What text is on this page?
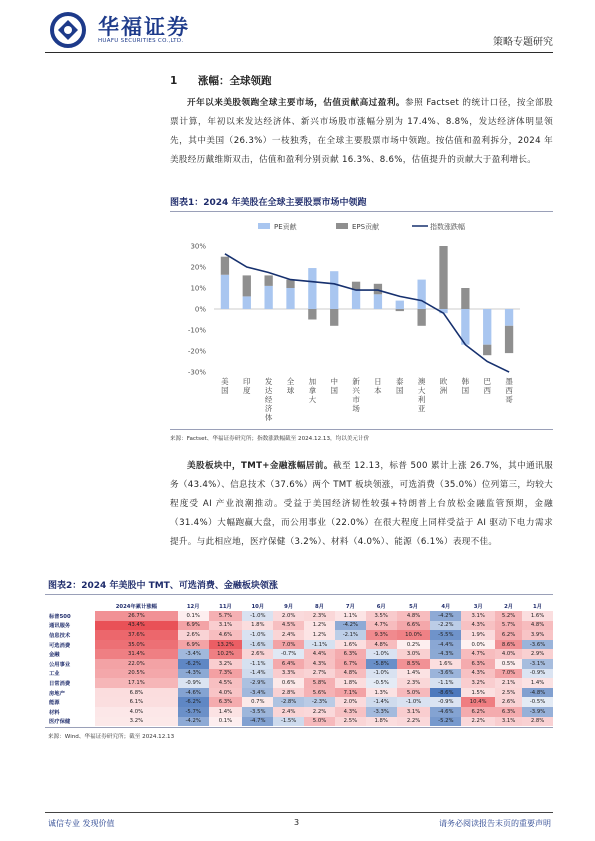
华福证券
HUAFU SECURITIES CO.,LTD.	策略专题研究
1 涨幅：全球领跑
开年以来美股领跑全球主要市场，估值贡献高过盈利。参照 Factset 的统计口径，按全部股票计算，年初以来发达经济体、新兴市场股市涨幅分别为 17.4%、8.8%，发达经济体明显领先，其中美国（26.3%）一枝独秀，在全球主要股票市场中领跑。按估值和盈利拆分，2024 年美股经历戴维斯双击，估值和盈利分别贡献 16.3%、8.6%，估值提升的贡献大于盈利增长。
图表1：2024 年美股在全球主要股票市场中领跑
PE贡献	EPS贡献	指数涨跌幅
30%
20%
10%
0%
-10%
-20%
-30%
美
国
印
度
发
达
经
济
体
全
球
加
拿
大
中
国
新
兴
市
场
日
本
泰
国
澳
大
利
亚
欧
洲
韩
国
巴
西
墨
西
哥
来源：Factset、华福证券研究所；指数涨跌幅截至 2024.12.13，均以美元计价
美股板块中，TMT+金融涨幅居前。截至 12.13，标普 500 累计上涨 26.7%，其中通讯服务（43.4%）、信息技术（37.6%）两个 TMT 板块领涨，可选消费（35.0%）位列第三，均较大程度受 AI 产业浪潮推动。受益于美国经济韧性较强+特朗普上台放松金融监管预期，金融（31.4%）大幅跑赢大盘，而公用事业（22.0%）在很大程度上同样受益于 AI 驱动下电力需求提升。与此相应地，医疗保健（3.2%）、材料（4.0%）、能源（6.1%）表现不佳。
图表2：2024 年美股中 TMT、可选消费、金融板块领涨
	2024年累计涨幅	12月	11月	10月	9月	8月	7月	6月	5月	4月	3月	2月	1月
标普500	26.7%	0.1%	5.7%	-1.0%	2.0%	2.3%	1.1%	3.5%	4.8%	-4.2%	3.1%	5.2%	1.6%
通讯服务	43.4%	6.9%	3.1%	1.8%	4.5%	1.2%	-4.2%	4.7%	6.6%	-2.2%	4.3%	5.7%	4.8%
信息技术	37.6%	2.6%	4.6%	-1.0%	2.4%	1.2%	-2.1%	9.3%	10.0%	-5.5%	1.9%	6.2%	3.9%
可选消费	35.0%	6.9%	13.2%	-1.6%	7.0%	-1.1%	1.6%	4.8%	0.2%	-4.4%	0.0%	8.6%	-3.6%
金融	31.4%	-3.4%	10.2%	2.6%	-0.7%	4.4%	6.3%	-1.0%	3.0%	-4.3%	4.7%	4.0%	2.9%
公用事业	22.0%	-6.2%	3.2%	-1.1%	6.4%	4.3%	6.7%	-5.8%	8.5%	1.6%	6.3%	0.5%	-3.1%
工业	20.5%	-4.3%	7.3%	-1.4%	3.3%	2.7%	4.8%	-1.0%	1.4%	-3.6%	4.3%	7.0%	-0.9%
日常消费	17.1%	-0.9%	4.5%	-2.9%	0.6%	5.8%	1.8%	-0.5%	2.3%	-1.1%	3.2%	2.1%	1.4%
房地产	6.8%	-4.6%	4.0%	-3.4%	2.8%	5.6%	7.1%	1.3%	5.0%	-8.6%	1.5%	2.5%	-4.8%
能源	6.1%	-6.2%	6.3%	0.7%	-2.8%	-2.3%	2.0%	-1.4%	-1.0%	-0.9%	10.4%	2.6%	-0.5%
材料	4.0%	-5.7%	1.4%	-3.5%	2.4%	2.2%	4.3%	-3.3%	3.1%	-4.6%	6.2%	6.3%	-3.9%
医疗保健	3.2%	-4.2%	0.1%	-4.7%	-1.5%	5.0%	2.5%	1.8%	2.2%	-5.2%	2.2%	3.1%	2.8%
来源：Wind、华福证券研究所；截至 2024.12.13
诚信专业 发现价值	3	请务必阅读报告末页的重要声明
